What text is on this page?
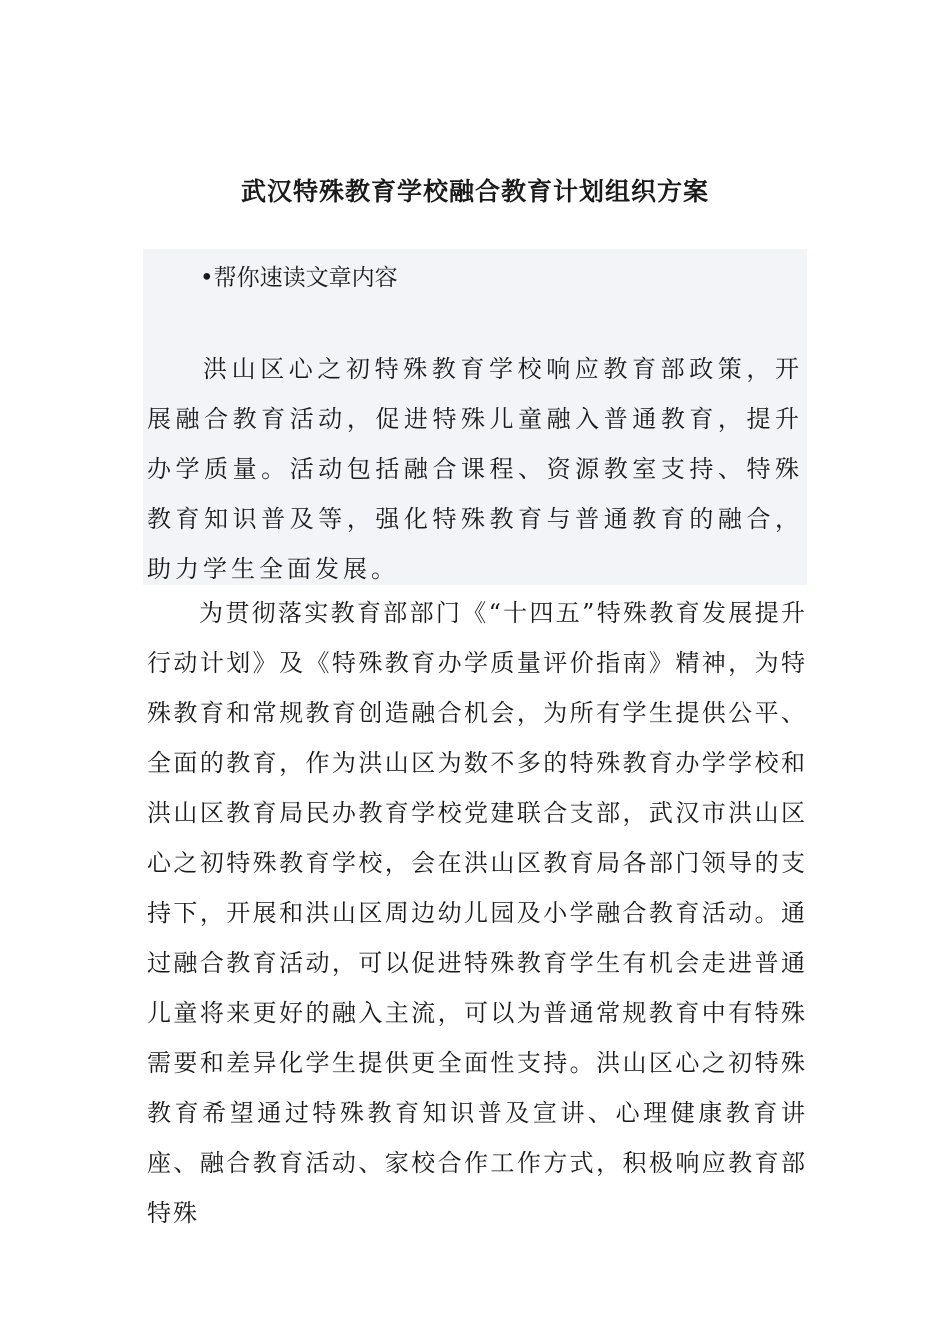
武汉特殊教育学校融合教育计划组织方案

•帮你速读文章内容

洪山区心之初特殊教育学校响应教育部政策，开展融合教育活动，促进特殊儿童融入普通教育，提升办学质量。活动包括融合课程、资源教室支持、特殊教育知识普及等，强化特殊教育与普通教育的融合，助力学生全面发展。

为贯彻落实教育部部门《“十四五”特殊教育发展提升行动计划》及《特殊教育办学质量评价指南》精神，为特殊教育和常规教育创造融合机会，为所有学生提供公平、全面的教育，作为洪山区为数不多的特殊教育办学学校和洪山区教育局民办教育学校党建联合支部，武汉市洪山区心之初特殊教育学校，会在洪山区教育局各部门领导的支持下，开展和洪山区周边幼儿园及小学融合教育活动。通过融合教育活动，可以促进特殊教育学生有机会走进普通儿童将来更好的融入主流，可以为普通常规教育中有特殊需要和差异化学生提供更全面性支持。洪山区心之初特殊教育希望通过特殊教育知识普及宣讲、心理健康教育讲座、融合教育活动、家校合作工作方式，积极响应教育部特殊
